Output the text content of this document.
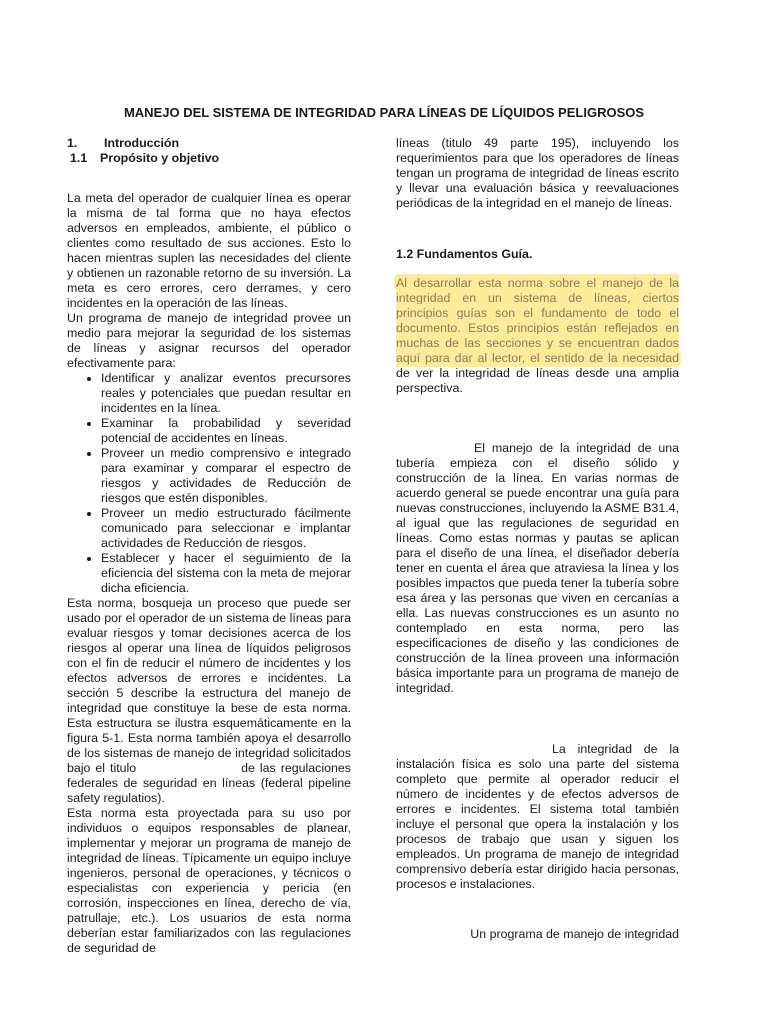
MANEJO DEL SISTEMA DE INTEGRIDAD PARA LÍNEAS DE LÍQUIDOS PELIGROSOS
1. Introducción
1.1 Propósito y objetivo

La meta del operador de cualquier línea es operar la misma de tal forma que no haya efectos adversos en empleados, ambiente, el público o clientes como resultado de sus acciones. Esto lo hacen mientras suplen las necesidades del cliente y obtienen un razonable retorno de su inversión. La meta es cero errores, cero derrames, y cero incidentes en la operación de las líneas.

Un programa de manejo de integridad provee un medio para mejorar la seguridad de los sistemas de líneas y asignar recursos del operador efectivamente para:

• Identificar y analizar eventos precursores reales y potenciales que puedan resultar en incidentes en la línea.
• Examinar la probabilidad y severidad potencial de accidentes en líneas.
• Proveer un medio comprensivo e integrado para examinar y comparar el espectro de riesgos y actividades de Reducción de riesgos que estén disponibles.
• Proveer un medio estructurado fácilmente comunicado para seleccionar e implantar actividades de Reducción de riesgos.
• Establecer y hacer el seguimiento de la eficiencia del sistema con la meta de mejorar dicha eficiencia.

Esta norma, bosqueja un proceso que puede ser usado por el operador de un sistema de líneas para evaluar riesgos y tomar decisiones acerca de los riesgos al operar una línea de líquidos peligrosos con el fin de reducir el número de incidentes y los efectos adversos de errores e incidentes. La sección 5 describe la estructura del manejo de integridad que constituye la bese de esta norma. Esta estructura se ilustra esquemáticamente en la figura 5-1. Esta norma también apoya el desarrollo de los sistemas de manejo de integridad solicitados bajo el titulo	de las regulaciones federales de seguridad en líneas (federal pipeline safety regulatios).

Esta norma esta proyectada para su uso por individuos o equipos responsables de planear, implementar y mejorar un programa de manejo de integridad de líneas. Típicamente un equipo incluye ingenieros, personal de operaciones, y técnicos o especialistas con experiencia y pericia (en corrosión, inspecciones en línea, derecho de vía, patrullaje, etc.). Los usuarios de esta norma deberían estar familiarizados con las regulaciones de seguridad de

líneas (titulo 49 parte 195), incluyendo los requerimientos para que los operadores de líneas tengan un programa de integridad de líneas escrito y llevar una evaluación básica y reevaluaciones periódicas de la integridad en el manejo de líneas.

1.2 Fundamentos Guía.

Al desarrollar esta norma sobre el manejo de la integridad en un sistema de líneas, ciertos principios guías son el fundamento de todo el documento. Estos principios están reflejados en muchas de las secciones y se encuentran dados aquí para dar al lector, el sentido de la necesidad de ver la integridad de líneas desde una amplia perspectiva.

El manejo de la integridad de una tubería empieza con el diseño sólido y construcción de la línea. En varias normas de acuerdo general se puede encontrar una guía para nuevas construcciones, incluyendo la ASME B31.4, al igual que las regulaciones de seguridad en líneas. Como estas normas y pautas se aplican para el diseño de una línea, el diseñador debería tener en cuenta el área que atraviesa la línea y los posibles impactos que pueda tener la tubería sobre esa área y las personas que viven en cercanías a ella. Las nuevas construcciones es un asunto no contemplado en esta norma, pero las especificaciones de diseño y las condiciones de construcción de la línea proveen una información básica importante para un programa de manejo de integridad.

La integridad de la instalación física es solo una parte del sistema completo que permite al operador reducir el número de incidentes y de efectos adversos de errores e incidentes. El sistema total también incluye el personal que opera la instalación y los procesos de trabajo que usan y siguen los empleados. Un programa de manejo de integridad comprensivo debería estar dirigido hacia personas, procesos e instalaciones.

Un programa de manejo de integridad
